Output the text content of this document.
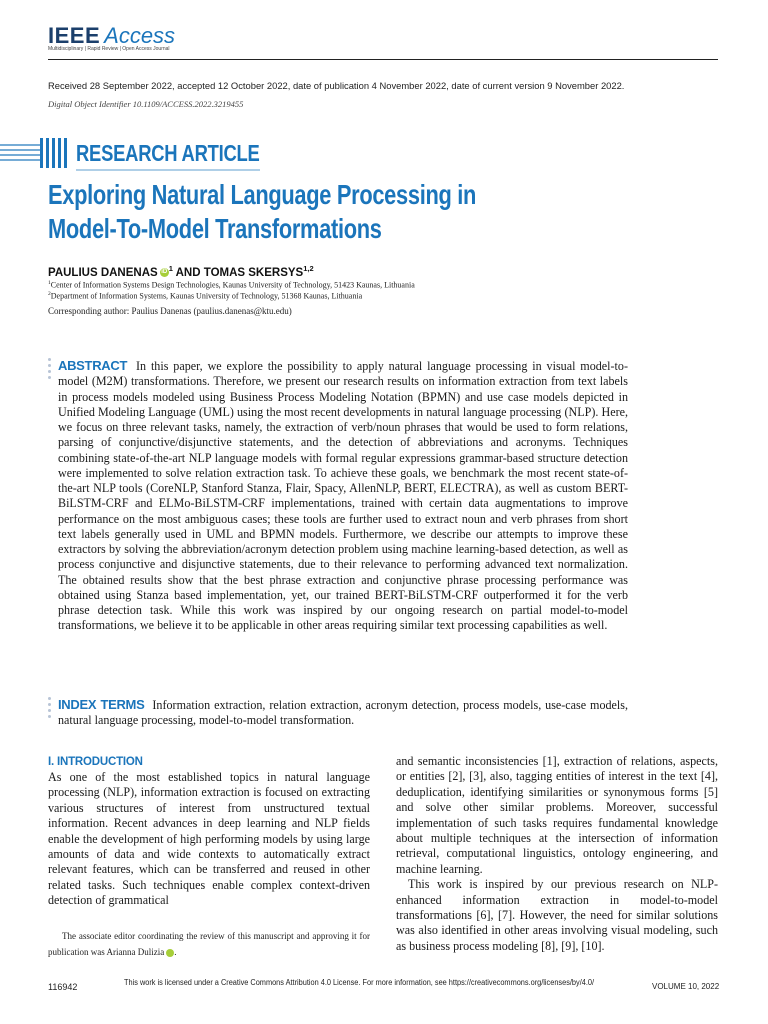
IEEE Access
Multidisciplinary | Rapid Review | Open Access Journal
Received 28 September 2022, accepted 12 October 2022, date of publication 4 November 2022, date of current version 9 November 2022.
Digital Object Identifier 10.1109/ACCESS.2022.3219455
RESEARCH ARTICLE
Exploring Natural Language Processing in
Model-To-Model Transformations
PAULIUS DANENAS iD $^1$ AND TOMAS SKERSYS$^{1,2}$
$^1$Center of Information Systems Design Technologies, Kaunas University of Technology, 51423 Kaunas, Lithuania
$^2$Department of Information Systems, Kaunas University of Technology, 51368 Kaunas, Lithuania
Corresponding author: Paulius Danenas (paulius.danenas@ktu.edu)
ABSTRACT In this paper, we explore the possibility to apply natural language processing in visual model-to-model (M2M) transformations. Therefore, we present our research results on information extraction from text labels in process models modeled using Business Process Modeling Notation (BPMN) and use case models depicted in Unified Modeling Language (UML) using the most recent developments in natural language processing (NLP). Here, we focus on three relevant tasks, namely, the extraction of verb/noun phrases that would be used to form relations, parsing of conjunctive/disjunctive statements, and the detection of abbreviations and acronyms. Techniques combining state-of-the-art NLP language models with formal regular expressions grammar-based structure detection were implemented to solve relation extraction task. To achieve these goals, we benchmark the most recent state-of-the-art NLP tools (CoreNLP, Stanford Stanza, Flair, Spacy, AllenNLP, BERT, ELECTRA), as well as custom BERT-BiLSTM-CRF and ELMo-BiLSTM-CRF implementations, trained with certain data augmentations to improve performance on the most ambiguous cases; these tools are further used to extract noun and verb phrases from short text labels generally used in UML and BPMN models. Furthermore, we describe our attempts to improve these extractors by solving the abbreviation/acronym detection problem using machine learning-based detection, as well as process conjunctive and disjunctive statements, due to their relevance to performing advanced text normalization. The obtained results show that the best phrase extraction and conjunctive phrase processing performance was obtained using Stanza based implementation, yet, our trained BERT-BiLSTM-CRF outperformed it for the verb phrase detection task. While this work was inspired by our ongoing research on partial model-to-model transformations, we believe it to be applicable in other areas requiring similar text processing capabilities as well.
INDEX TERMS Information extraction, relation extraction, acronym detection, process models, use-case models, natural language processing, model-to-model transformation.
I. INTRODUCTION

As one of the most established topics in natural language processing (NLP), information extraction is focused on extracting various structures of interest from unstructured textual information. Recent advances in deep learning and NLP fields enable the development of high performing models by using large amounts of data and wide contexts to automatically extract relevant features, which can be transferred and reused in other related tasks. Such techniques enable complex context-driven detection of grammatical

and semantic inconsistencies [1], extraction of relations, aspects, or entities [2], [3], also, tagging entities of interest in the text [4], deduplication, identifying similarities or synonymous forms [5] and solve other similar problems. Moreover, successful implementation of such tasks requires fundamental knowledge about multiple techniques at the intersection of information retrieval, computational linguistics, ontology engineering, and machine learning.

This work is inspired by our previous research on NLP-enhanced information extraction in model-to-model transformations [6], [7]. However, the need for similar solutions was also identified in other areas involving visual modeling, such as business process modeling [8], [9], [10].

The associate editor coordinating the review of this manuscript and approving it for publication was Arianna Dulizia	iD.
116942	This work is licensed under a Creative Commons Attribution 4.0 License. For more information, see https://creativecommons.org/licenses/by/4.0/	VOLUME 10, 2022
